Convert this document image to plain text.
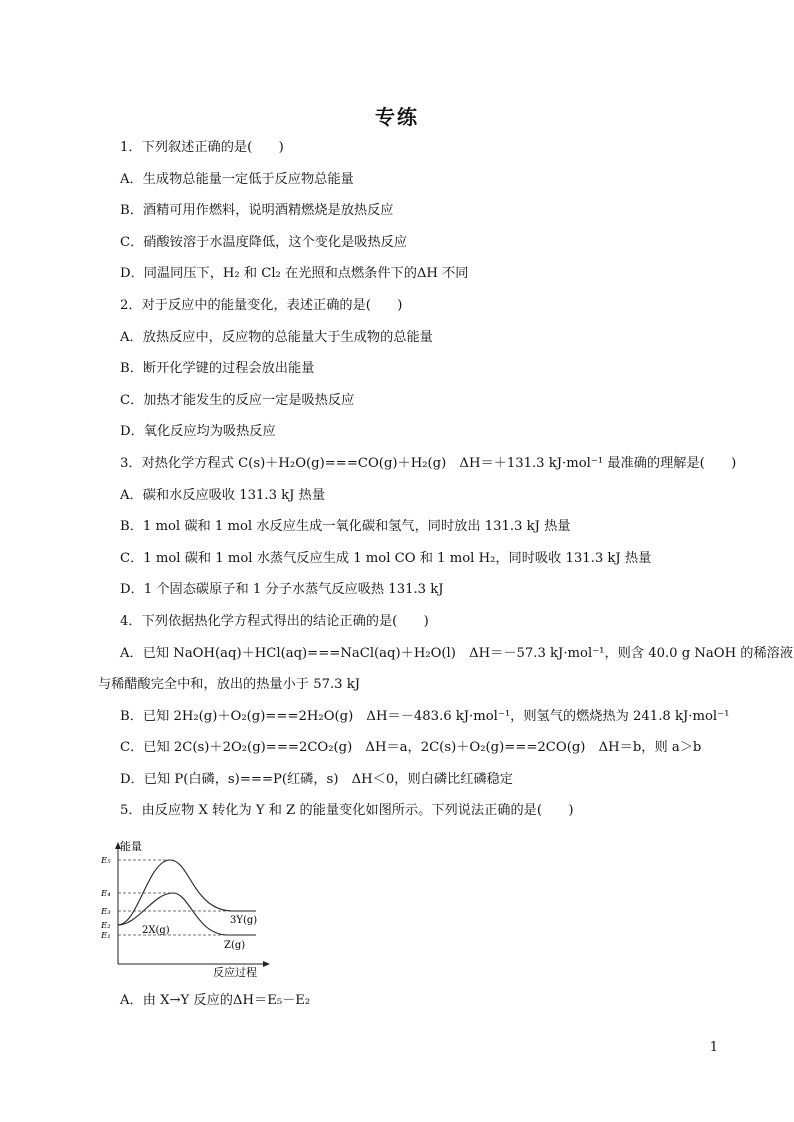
专练
1．下列叙述正确的是(　　)
A．生成物总能量一定低于反应物总能量
B．酒精可用作燃料，说明酒精燃烧是放热反应
C．硝酸铵溶于水温度降低，这个变化是吸热反应
D．同温同压下，H₂ 和 Cl₂ 在光照和点燃条件下的ΔH 不同
2．对于反应中的能量变化，表述正确的是(　　)
A．放热反应中，反应物的总能量大于生成物的总能量
B．断开化学键的过程会放出能量
C．加热才能发生的反应一定是吸热反应
D．氧化反应均为吸热反应
3．对热化学方程式 C(s)＋H₂O(g)===CO(g)＋H₂(g)　ΔH＝＋131.3 kJ·mol⁻¹ 最准确的理解是(　　)
A．碳和水反应吸收 131.3 kJ 热量
B．1 mol 碳和 1 mol 水反应生成一氧化碳和氢气，同时放出 131.3 kJ 热量
C．1 mol 碳和 1 mol 水蒸气反应生成 1 mol CO 和 1 mol H₂，同时吸收 131.3 kJ 热量
D．1 个固态碳原子和 1 分子水蒸气反应吸热 131.3 kJ
4．下列依据热化学方程式得出的结论正确的是(　　)
A．已知 NaOH(aq)＋HCl(aq)===NaCl(aq)＋H₂O(l)　ΔH＝－57.3 kJ·mol⁻¹，则含 40.0 g NaOH 的稀溶液
与稀醋酸完全中和，放出的热量小于 57.3 kJ
B．已知 2H₂(g)＋O₂(g)===2H₂O(g)　ΔH＝－483.6 kJ·mol⁻¹，则氢气的燃烧热为 241.8 kJ·mol⁻¹
C．已知 2C(s)＋2O₂(g)===2CO₂(g)　ΔH＝a，2C(s)＋O₂(g)===2CO(g)　ΔH＝b，则 a＞b
D．已知 P(白磷，s)===P(红磷，s)　ΔH＜0，则白磷比红磷稳定
5．由反应物 X 转化为 Y 和 Z 的能量变化如图所示。下列说法正确的是(　　)
能量
反应过程
E₅
E₄
E₃
E₂
E₁	2X(g)
3Y(g)
Z(g)
A．由 X→Y 反应的ΔH＝E₅－E₂
1
